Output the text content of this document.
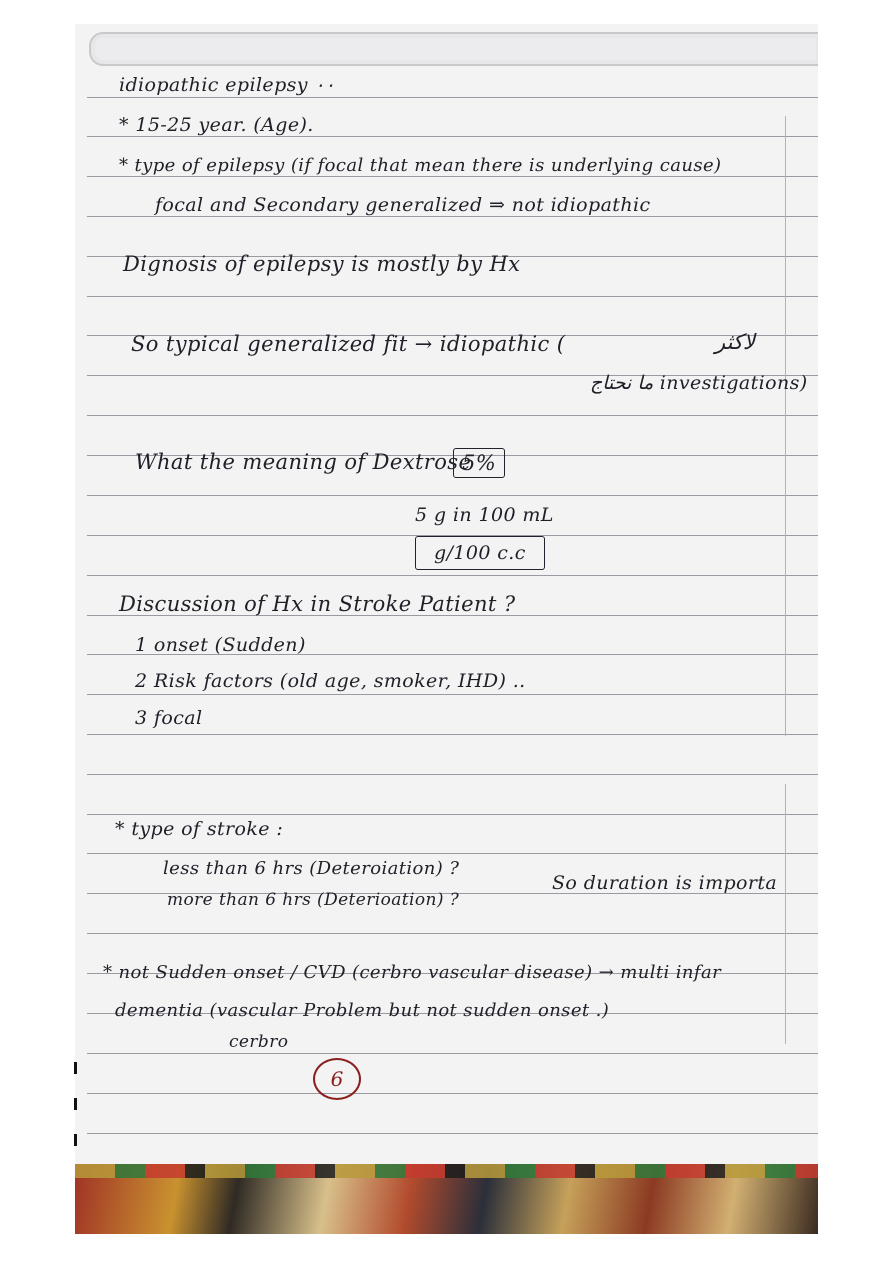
idiopathic epilepsy ٠٠
* 15-25 year. (Age).
* type of epilepsy (if focal that mean there is underlying cause)
focal and Secondary generalized ⇒ not idiopathic
Dignosis of epilepsy is mostly by Hx
So typical generalized fit → idiopathic (	لاكثر
(investigations ما نحتاج
What the meaning of Dextrose
5%
5 g in 100 mL
g/100 c.c
Discussion of Hx in Stroke Patient ?
1 onset (Sudden)
2 Risk factors (old age, smoker, IHD) ..
3 focal
* type of stroke :
less than 6 hrs (Deteroiation) ?
So duration is importa
more than 6 hrs (Deterioation) ?
* not Sudden onset / CVD (cerbro vascular disease) → multi infar
dementia (vascular Problem but not sudden onset .)
cerbro
6
